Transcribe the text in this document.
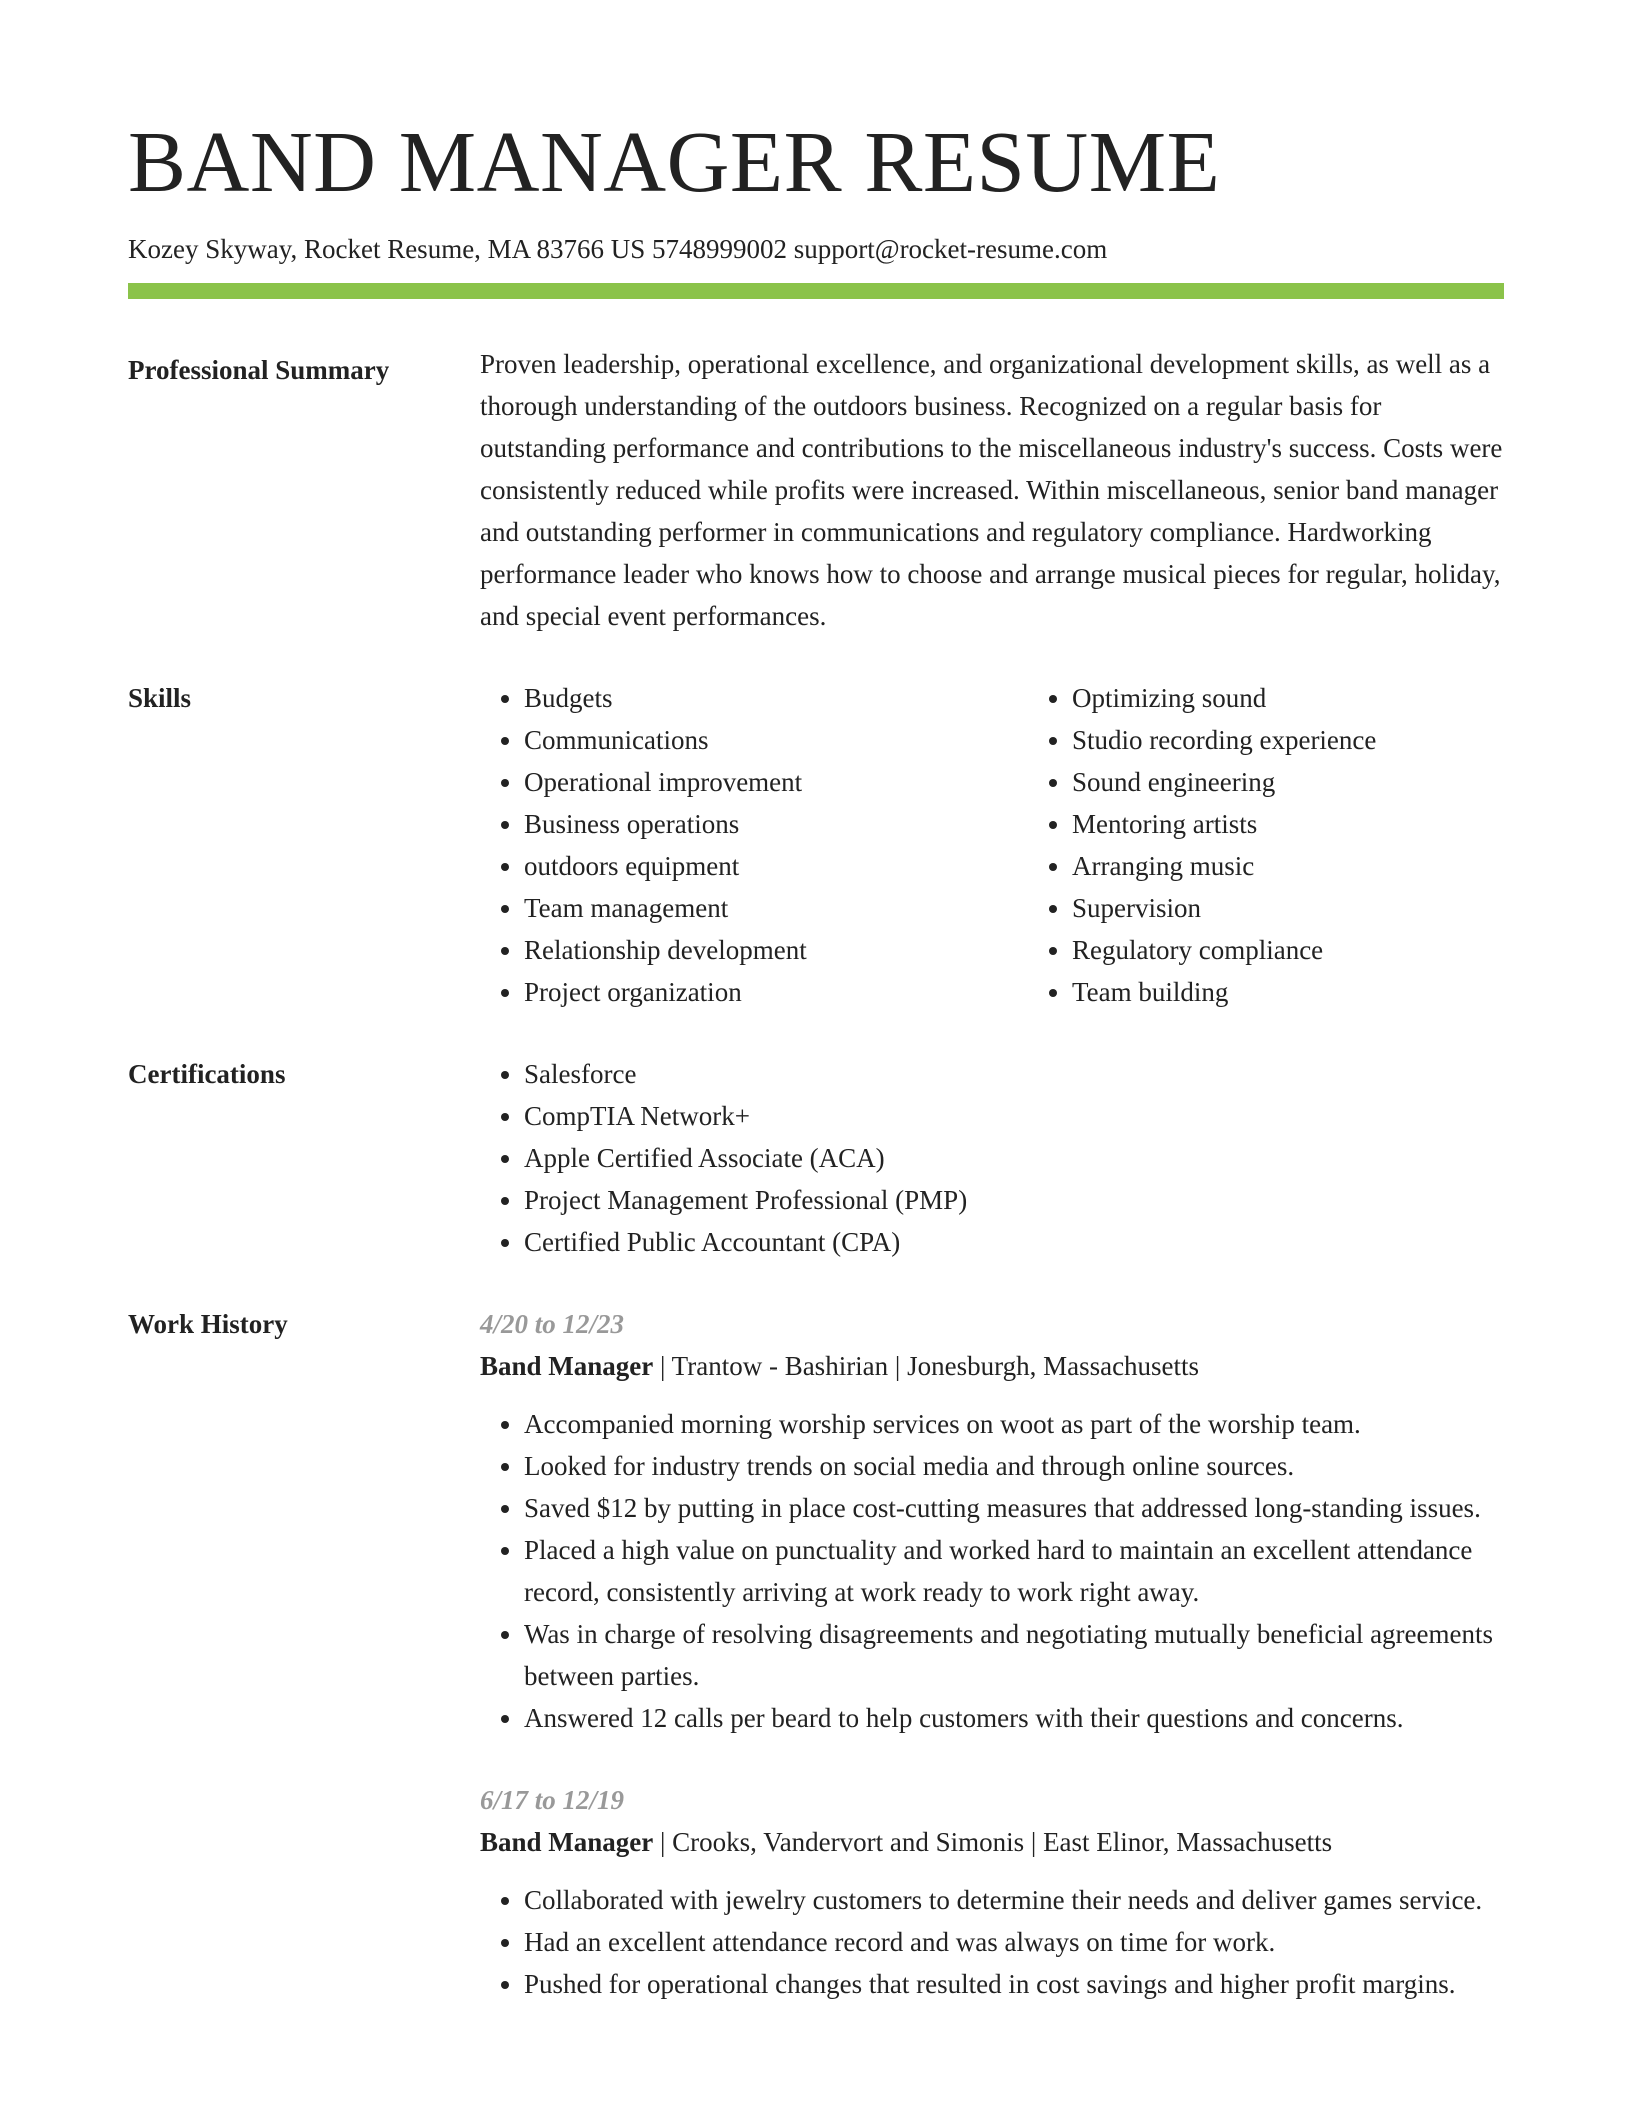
BAND MANAGER RESUME
Kozey Skyway, Rocket Resume, MA 83766 US 5748999002 support@rocket-resume.com
Professional Summary	Proven leadership, operational excellence, and organizational development skills, as well as a thorough understanding of the outdoors business. Recognized on a regular basis for outstanding performance and contributions to the miscellaneous industry's success. Costs were consistently reduced while profits were increased. Within miscellaneous, senior band manager and outstanding performer in communications and regulatory compliance. Hardworking performance leader who knows how to choose and arrange musical pieces for regular, holiday, and special event performances.

Skills	• Budgets
• Communications
• Operational improvement
• Business operations
• outdoors equipment
• Team management
• Relationship development
• Project organization
• Optimizing sound
• Studio recording experience
• Sound engineering
• Mentoring artists
• Arranging music
• Supervision
• Regulatory compliance
• Team building
Certifications	• Salesforce
• CompTIA Network+
• Apple Certified Associate (ACA)
• Project Management Professional (PMP)
• Certified Public Accountant (CPA)
Work History	4/20 to 12/23
Band Manager | Trantow - Bashirian | Jonesburgh, Massachusetts
• Accompanied morning worship services on woot as part of the worship team.
• Looked for industry trends on social media and through online sources.
• Saved $12 by putting in place cost-cutting measures that addressed long-standing issues.
• Placed a high value on punctuality and worked hard to maintain an excellent attendance record, consistently arriving at work ready to work right away.
• Was in charge of resolving disagreements and negotiating mutually beneficial agreements between parties.
• Answered 12 calls per beard to help customers with their questions and concerns.
6/17 to 12/19
Band Manager | Crooks, Vandervort and Simonis | East Elinor, Massachusetts
• Collaborated with jewelry customers to determine their needs and deliver games service.
• Had an excellent attendance record and was always on time for work.
• Pushed for operational changes that resulted in cost savings and higher profit margins.
